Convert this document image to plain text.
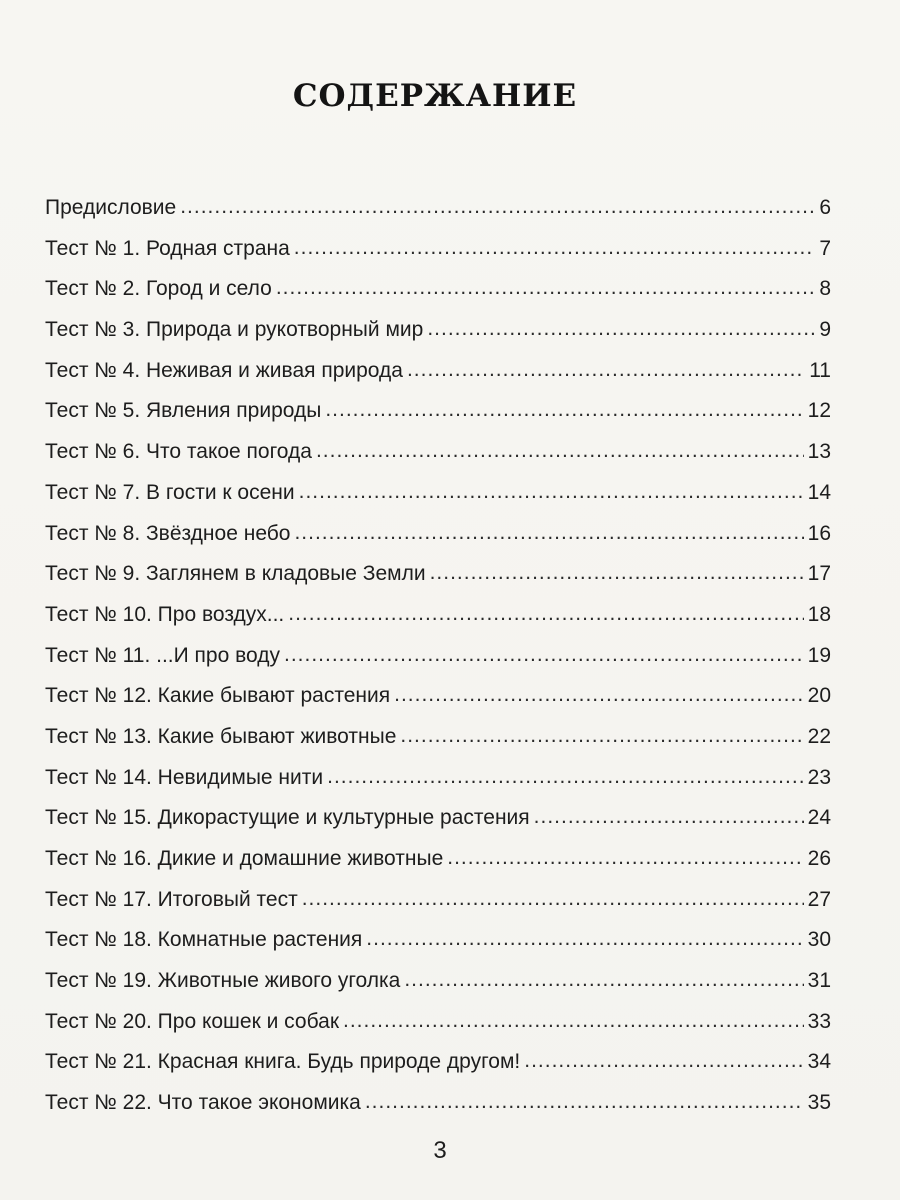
СОДЕРЖАНИЕ
Предисловие .....	6
Тест № 1. Родная страна .....	7
Тест № 2. Город и село .....	8
Тест № 3. Природа и рукотворный мир .....	9
Тест № 4. Неживая и живая природа .....	11
Тест № 5. Явления природы .....	12
Тест № 6. Что такое погода .....	13
Тест № 7. В гости к осени .....	14
Тест № 8. Звёздное небо .....	16
Тест № 9. Заглянем в кладовые Земли .....	17
Тест № 10. Про воздух... .....	18
Тест № 11. ...И про воду .....	19
Тест № 12. Какие бывают растения .....	20
Тест № 13. Какие бывают животные .....	22
Тест № 14. Невидимые нити .....	23
Тест № 15. Дикорастущие и культурные растения .....	24
Тест № 16. Дикие и домашние животные .....	26
Тест № 17. Итоговый тест .....	27
Тест № 18. Комнатные растения .....	30
Тест № 19. Животные живого уголка .....	31
Тест № 20. Про кошек и собак .....	33
Тест № 21. Красная книга. Будь природе другом! .....	34
Тест № 22. Что такое экономика .....	35
3
